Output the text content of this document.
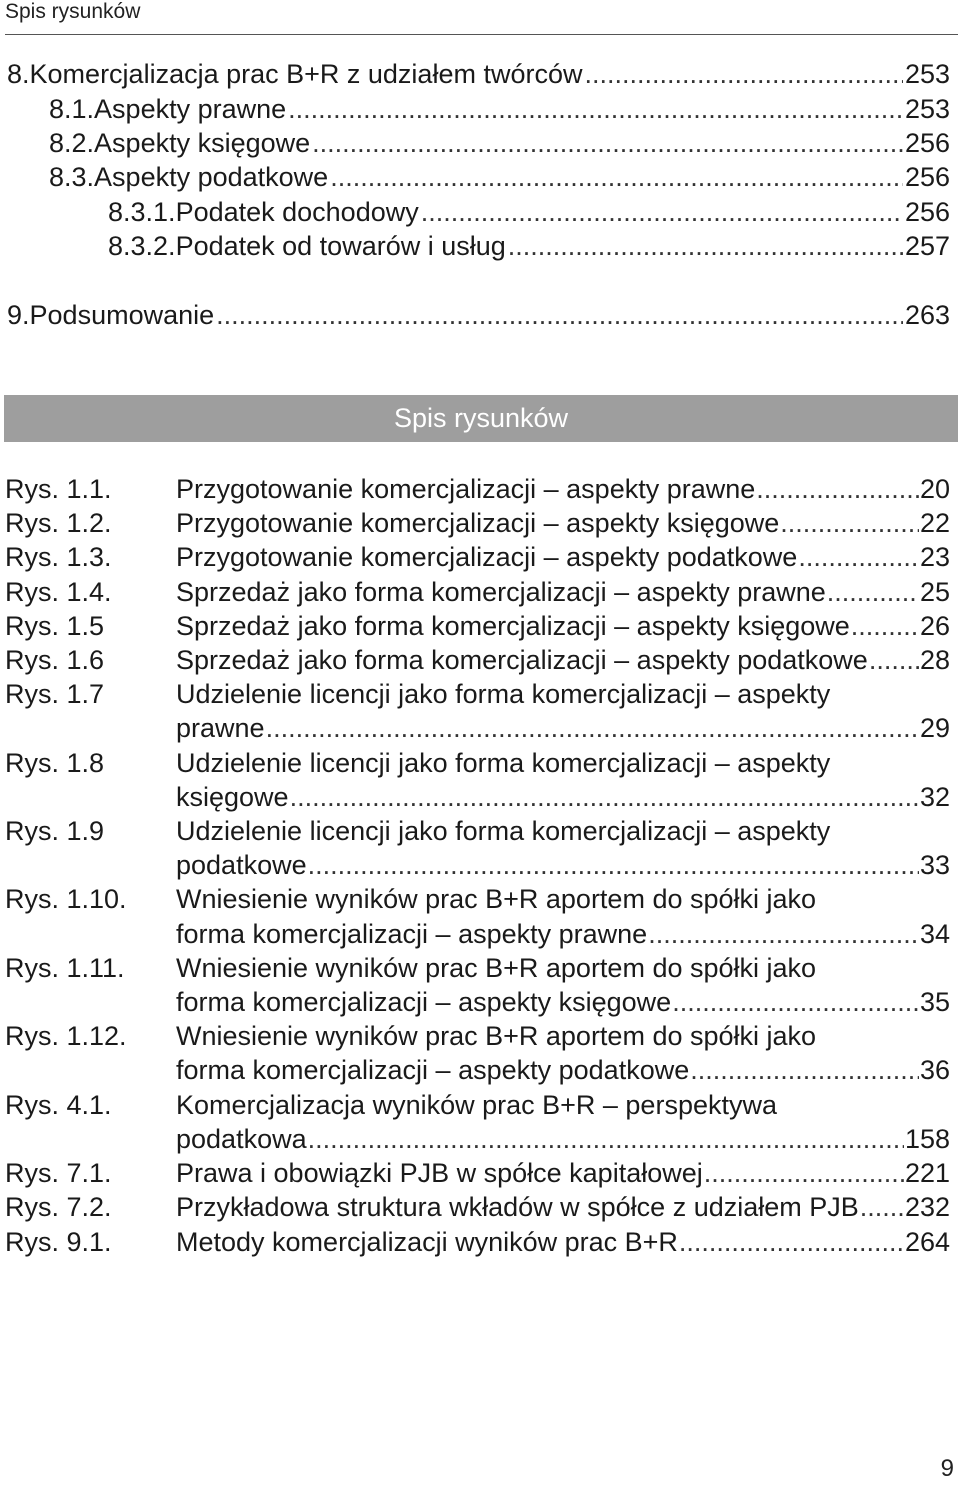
Spis rysunków
8. Komercjalizacja prac B+R z udziałem twórców .....	253
8.1. Aspekty prawne .....	253
8.2. Aspekty księgowe .....	256
8.3. Aspekty podatkowe .....	256
8.3.1. Podatek dochodowy .....	256
8.3.2. Podatek od towarów i usług .....	257
9. Podsumowanie .....	263
Spis rysunków
Rys. 1.1. Przygotowanie komercjalizacji – aspekty prawne .....	20
Rys. 1.2. Przygotowanie komercjalizacji – aspekty księgowe .....	22
Rys. 1.3. Przygotowanie komercjalizacji – aspekty podatkowe .....	23
Rys. 1.4. Sprzedaż jako forma komercjalizacji – aspekty prawne .....	25
Rys. 1.5	Sprzedaż jako forma komercjalizacji – aspekty księgowe .....	26
Rys. 1.6	Sprzedaż jako forma komercjalizacji – aspekty podatkowe ..... 28
Rys. 1.7	Udzielenie licencji jako forma komercjalizacji – aspekty
prawne .....	29
Rys. 1.8	Udzielenie licencji jako forma komercjalizacji – aspekty
księgowe .....	32
Rys. 1.9	Udzielenie licencji jako forma komercjalizacji – aspekty
podatkowe .....	33
Rys. 1.10. Wniesienie wyników prac B+R aportem do spółki jako
forma komercjalizacji – aspekty prawne .....	34
Rys. 1.11. Wniesienie wyników prac B+R aportem do spółki jako
forma komercjalizacji – aspekty księgowe .....	35
Rys. 1.12. Wniesienie wyników prac B+R aportem do spółki jako
forma komercjalizacji – aspekty podatkowe .....	36
Rys. 4.1. Komercjalizacja wyników prac B+R – perspektywa
podatkowa .....	158
Rys. 7.1. Prawa i obowiązki PJB w spółce kapitałowej .....	221
Rys. 7.2. Przykładowa struktura wkładów w spółce z udziałem PJB ..... 232
Rys. 9.1. Metody komercjalizacji wyników prac B+R .....	264
9
